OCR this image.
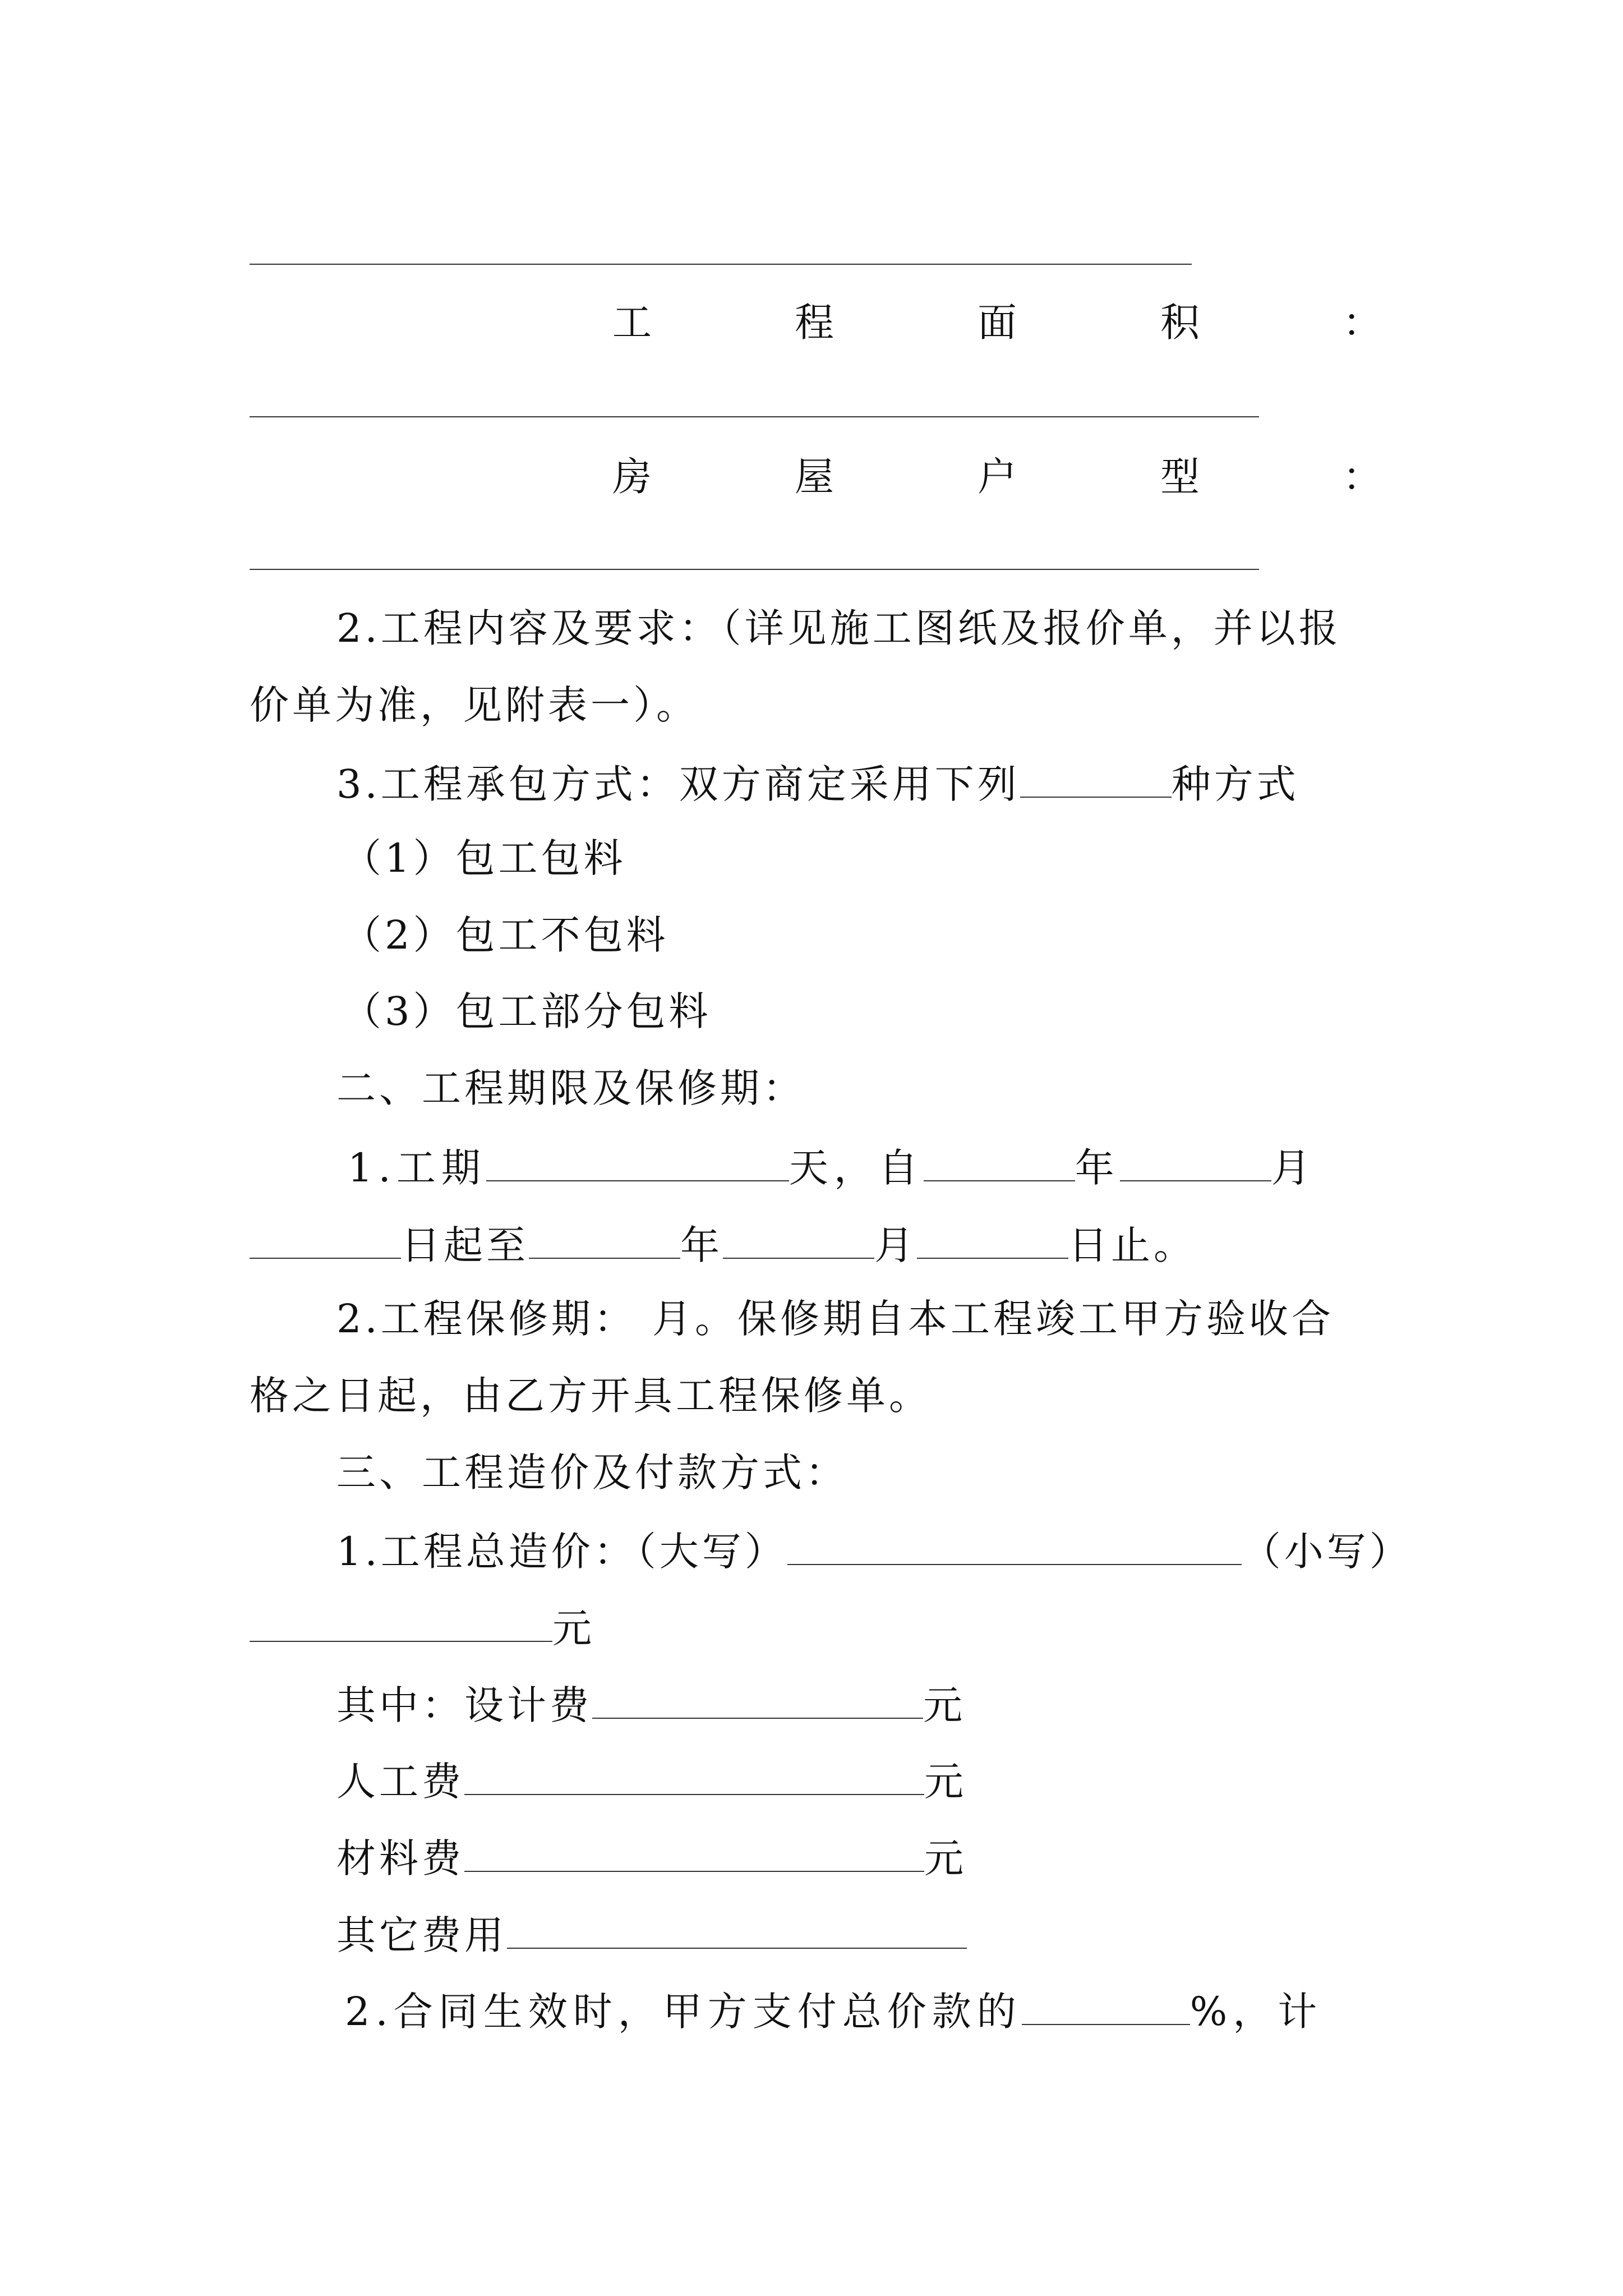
工	程	面	积	：
房	屋	户	型	：
2.工程内容及要求：（详见施工图纸及报价单，并以报
价单为准，见附表一）。
3.工程承包方式：双方商定采用下列	种方式
（1）包工包料
（2）包工不包料
（3）包工部分包料
二、工程期限及保修期：
1.工期	天，自	年	月
日起至	年	月	日止。
2.工程保修期： 月。保修期自本工程竣工甲方验收合
格之日起，由乙方开具工程保修单。
三、工程造价及付款方式：
1.工程总造价：（大写）	（小写）
元
其中：设计费	元
人工费	元
材料费	元
其它费用
2.合同生效时，甲方支付总价款的	%，计
